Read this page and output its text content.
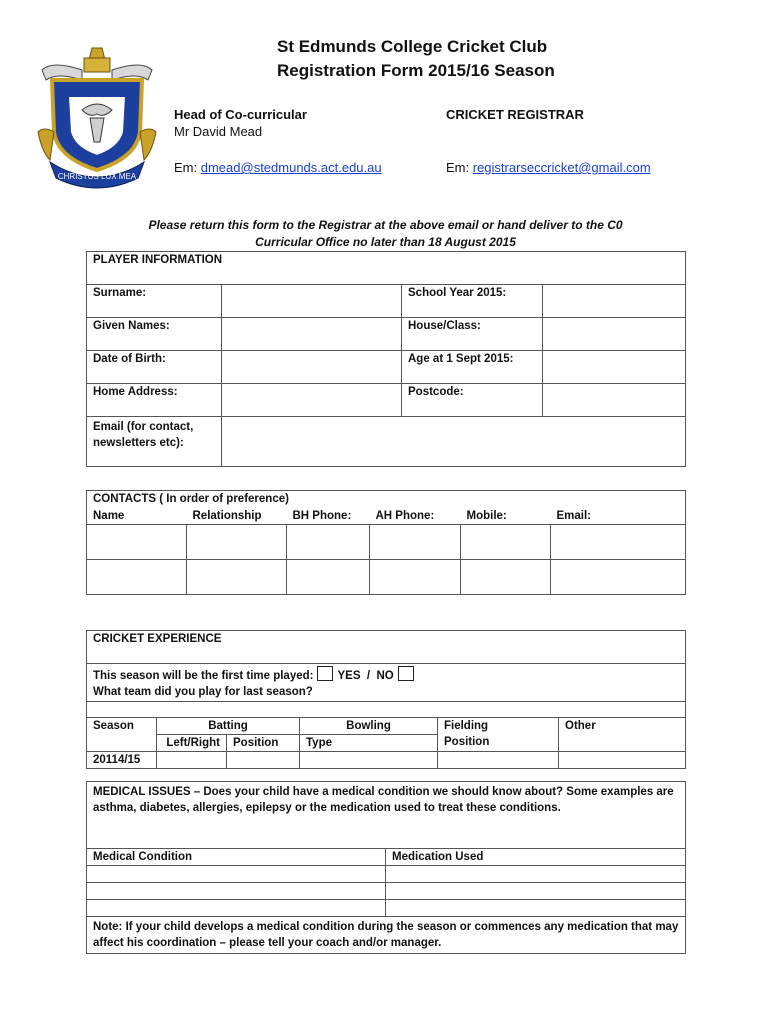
CHRISTUS LUX MEA
St Edmunds College Cricket Club
Registration Form 2015/16 Season
Head of Co-curricular
Mr David Mead
Em: dmead@stedmunds.act.edu.au
CRICKET REGISTRAR
Em: registrarseccricket@gmail.com
Please return this form to the Registrar at the above email or hand deliver to the C0
Curricular Office no later than 18 August 2015
PLAYER INFORMATION			
Surname:		School Year 2015:	
Given Names:		House/Class:	
Date of Birth:		Age at 1 Sept 2015:	
Home Address:		Postcode:	

Email (for contact,
newsletters etc):			

CONTACTS ( In order of preference)					
Name	Relationship	BH Phone:	AH Phone:	Mobile:	Email:

CRICKET EXPERIENCE					
This season will be the first time played: YES / NO					
What team did you play for last season?					

Season	Batting		Bowling	Fielding	Other
	Left/Right	Position	Type	Position	
20114/15					
MEDICAL ISSUES – Does your child have a medical condition we should know about? Some examples are asthma, diabetes, allergies, epilepsy or the medication used to treat these conditions.	
Medical Condition	Medication Used

Note: If your child develops a medical condition during the season or commences any medication that may affect his coordination – please tell your coach and/or manager.	
